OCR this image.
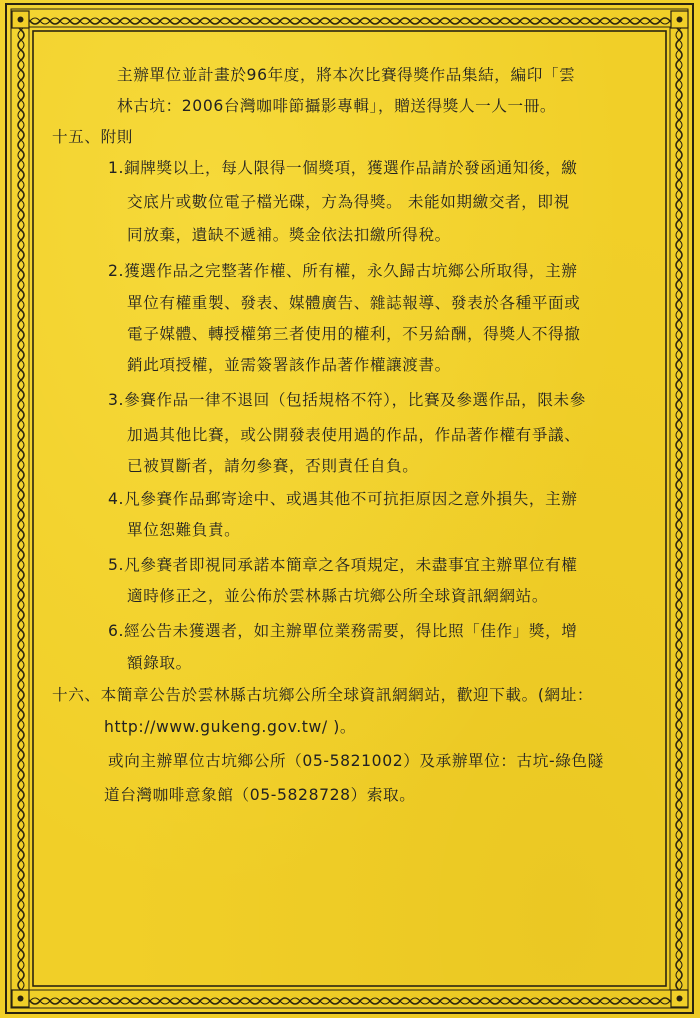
主辦單位並計畫於96年度，將本次比賽得獎作品集結，編印「雲
林古坑：2006台灣咖啡節攝影專輯」，贈送得獎人一人一冊。
十五、附則
1.銅牌獎以上，每人限得一個獎項，獲選作品請於發函通知後，繳
交底片或數位電子檔光碟，方為得獎。 未能如期繳交者，即視
同放棄，遺缺不遞補。獎金依法扣繳所得稅。
2.獲選作品之完整著作權、所有權，永久歸古坑鄉公所取得，主辦
單位有權重製、發表、媒體廣告、雜誌報導、發表於各種平面或
電子媒體、轉授權第三者使用的權利，不另給酬，得獎人不得撤
銷此項授權，並需簽署該作品著作權讓渡書。
3.參賽作品一律不退回（包括規格不符），比賽及參選作品，限未參
加過其他比賽，或公開發表使用過的作品，作品著作權有爭議、
已被買斷者，請勿參賽，否則責任自負。
4.凡參賽作品郵寄途中、或遇其他不可抗拒原因之意外損失，主辦
單位恕難負責。
5.凡參賽者即視同承諾本簡章之各項規定，未盡事宜主辦單位有權
適時修正之，並公佈於雲林縣古坑鄉公所全球資訊網網站。
6.經公告未獲選者，如主辦單位業務需要，得比照「佳作」獎，增
額錄取。
十六、本簡章公告於雲林縣古坑鄉公所全球資訊網網站，歡迎下載。(網址：
http://www.gukeng.gov.tw/ )。
或向主辦單位古坑鄉公所（05-5821002）及承辦單位：古坑-綠色隧
道台灣咖啡意象館（05-5828728）索取。
